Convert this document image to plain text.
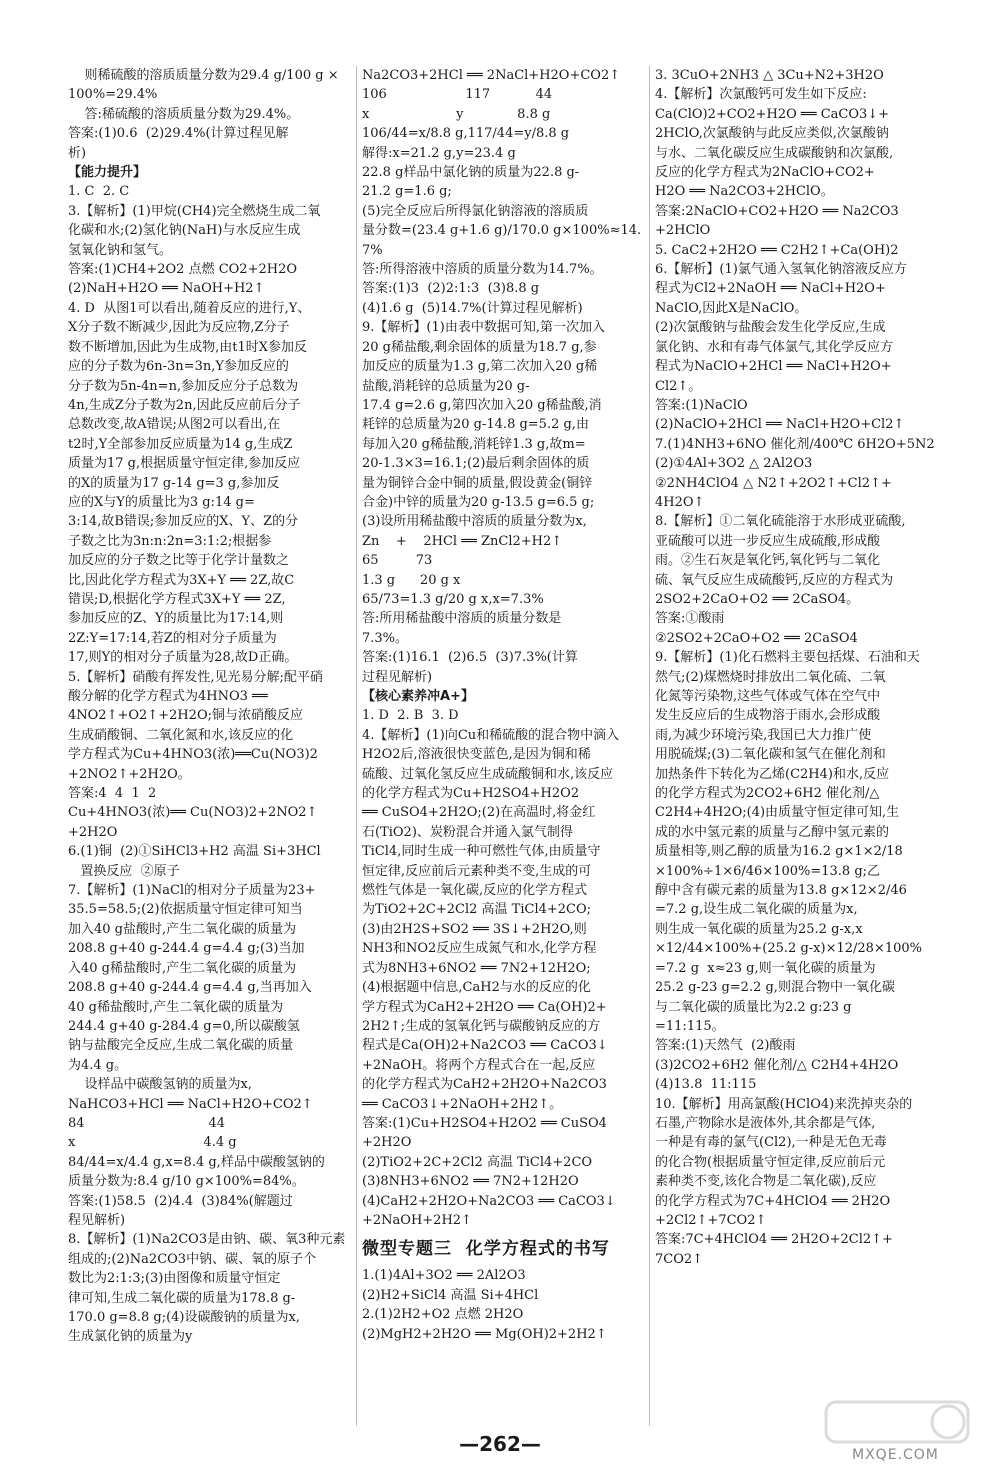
则稀硫酸的溶质质量分数为29.4 g/100 g ×
100%=29.4%
答:稀硫酸的溶质质量分数为29.4%。
答案:(1)0.6  (2)29.4%(计算过程见解
析)
【能力提升】
1. C  2. C
3.【解析】(1)甲烷(CH4)完全燃烧生成二氧
化碳和水;(2)氢化钠(NaH)与水反应生成
氢氧化钠和氢气。
答案:(1)CH4+2O2 点燃 CO2+2H2O
(2)NaH+H2O ══ NaOH+H2↑
4. D  从图1可以看出,随着反应的进行,Y、
X分子数不断减少,因此为反应物,Z分子
数不断增加,因此为生成物,由t1时X参加反
应的分子数为6n-3n=3n,Y参加反应的
分子数为5n-4n=n,参加反应分子总数为
4n,生成Z分子数为2n,因此反应前后分子
总数改变,故A错误;从图2可以看出,在
t2时,Y全部参加反应质量为14 g,生成Z
质量为17 g,根据质量守恒定律,参加反应
的X的质量为17 g-14 g=3 g,参加反
应的X与Y的质量比为3 g:14 g=
3:14,故B错误;参加反应的X、Y、Z的分
子数之比为3n:n:2n=3:1:2;根据参
加反应的分子数之比等于化学计量数之
比,因此化学方程式为3X+Y ══ 2Z,故C
错误;D,根据化学方程式3X+Y ══ 2Z,
参加反应的Z、Y的质量比为17:14,则
2Z:Y=17:14,若Z的相对分子质量为
17,则Y的相对分子质量为28,故D正确。
5.【解析】硝酸有挥发性,见光易分解;配平硝
酸分解的化学方程式为4HNO3 ══
4NO2↑+O2↑+2H2O;铜与浓硝酸反应
生成硝酸铜、二氧化氮和水,该反应的化
学方程式为Cu+4HNO3(浓)══Cu(NO3)2
+2NO2↑+2H2O。
答案:4  4  1  2
Cu+4HNO3(浓)══ Cu(NO3)2+2NO2↑
+2H2O
6.(1)铜  (2)①SiHCl3+H2 高温 Si+3HCl
置换反应  ②原子
7.【解析】(1)NaCl的相对分子质量为23+
35.5=58.5;(2)依据质量守恒定律可知当
加入40 g盐酸时,产生二氧化碳的质量为
208.8 g+40 g-244.4 g=4.4 g;(3)当加
入40 g稀盐酸时,产生二氧化碳的质量为
208.8 g+40 g-244.4 g=4.4 g,当再加入
40 g稀盐酸时,产生二氧化碳的质量为
244.4 g+40 g-284.4 g=0,所以碳酸氢
钠与盐酸完全反应,生成二氧化碳的质量
为4.4 g。
设样品中碳酸氢钠的质量为x,
NaHCO3+HCl ══ NaCl+H2O+CO2↑
84                              44
x                               4.4 g
84/44=x/4.4 g,x=8.4 g,样品中碳酸氢钠的
质量分数为:8.4 g/10 g×100%=84%。
答案:(1)58.5  (2)4.4  (3)84%(解题过
程见解析)
8.【解析】(1)Na2CO3是由钠、碳、氧3种元素
组成的;(2)Na2CO3中钠、碳、氧的原子个
数比为2:1:3;(3)由图像和质量守恒定
律可知,生成二氧化碳的质量为178.8 g-
170.0 g=8.8 g;(4)设碳酸钠的质量为x,
生成氯化钠的质量为y
Na2CO3+2HCl ══ 2NaCl+H2O+CO2↑
106                   117           44
x                     y             8.8 g
106/44=x/8.8 g,117/44=y/8.8 g
解得:x=21.2 g,y=23.4 g
22.8 g样品中氯化钠的质量为22.8 g-
21.2 g=1.6 g;
(5)完全反应后所得氯化钠溶液的溶质质
量分数=(23.4 g+1.6 g)/170.0 g×100%≈14.7%
答:所得溶液中溶质的质量分数为14.7%。
答案:(1)3  (2)2:1:3  (3)8.8 g
(4)1.6 g  (5)14.7%(计算过程见解析)
9.【解析】(1)由表中数据可知,第一次加入
20 g稀盐酸,剩余固体的质量为18.7 g,参
加反应的质量为1.3 g,第二次加入20 g稀
盐酸,消耗锌的总质量为20 g-
17.4 g=2.6 g,第四次加入20 g稀盐酸,消
耗锌的总质量为20 g-14.8 g=5.2 g,由
每加入20 g稀盐酸,消耗锌1.3 g,故m=
20-1.3×3=16.1;(2)最后剩余固体的质
量为铜锌合金中铜的质量,假设黄金(铜锌
合金)中锌的质量为20 g-13.5 g=6.5 g;
(3)设所用稀盐酸中溶质的质量分数为x,
Zn    +    2HCl ══ ZnCl2+H2↑
65         73
1.3 g      20 g x
65/73=1.3 g/20 g x,x=7.3%
答:所用稀盐酸中溶质的质量分数是
7.3%。
答案:(1)16.1  (2)6.5  (3)7.3%(计算
过程见解析)
【核心素养冲A+】
1. D  2. B  3. D
4.【解析】(1)向Cu和稀硫酸的混合物中滴入
H2O2后,溶液很快变蓝色,是因为铜和稀
硫酸、过氧化氢反应生成硫酸铜和水,该反应
的化学方程式为Cu+H2SO4+H2O2
══ CuSO4+2H2O;(2)在高温时,将金红
石(TiO2)、炭粉混合并通入氯气制得
TiCl4,同时生成一种可燃性气体,由质量守
恒定律,反应前后元素种类不变,生成的可
燃性气体是一氧化碳,反应的化学方程式
为TiO2+2C+2Cl2 高温 TiCl4+2CO;
(3)由2H2S+SO2 ══ 3S↓+2H2O,则
NH3和NO2反应生成氮气和水,化学方程
式为8NH3+6NO2 ══ 7N2+12H2O;
(4)根据题中信息,CaH2与水的反应的化
学方程式为CaH2+2H2O ══ Ca(OH)2+
2H2↑;生成的氢氧化钙与碳酸钠反应的方
程式是Ca(OH)2+Na2CO3 ══ CaCO3↓
+2NaOH。将两个方程式合在一起,反应
的化学方程式为CaH2+2H2O+Na2CO3
══ CaCO3↓+2NaOH+2H2↑。
答案:(1)Cu+H2SO4+H2O2 ══ CuSO4
+2H2O
(2)TiO2+2C+2Cl2 高温 TiCl4+2CO
(3)8NH3+6NO2 ══ 7N2+12H2O
(4)CaH2+2H2O+Na2CO3 ══ CaCO3↓
+2NaOH+2H2↑
微型专题三  化学方程式的书写
1.(1)4Al+3O2 ══ 2Al2O3
(2)H2+SiCl4 高温 Si+4HCl
2.(1)2H2+O2 点燃 2H2O
(2)MgH2+2H2O ══ Mg(OH)2+2H2↑
3. 3CuO+2NH3 △ 3Cu+N2+3H2O
4.【解析】次氯酸钙可发生如下反应:
Ca(ClO)2+CO2+H2O ══ CaCO3↓+
2HClO,次氯酸钠与此反应类似,次氯酸钠
与水、二氧化碳反应生成碳酸钠和次氯酸,
反应的化学方程式为2NaClO+CO2+
H2O ══ Na2CO3+2HClO。
答案:2NaClO+CO2+H2O ══ Na2CO3
+2HClO
5. CaC2+2H2O ══ C2H2↑+Ca(OH)2
6.【解析】(1)氯气通入氢氧化钠溶液反应方
程式为Cl2+2NaOH ══ NaCl+H2O+
NaClO,因此X是NaClO。
(2)次氯酸钠与盐酸会发生化学反应,生成
氯化钠、水和有毒气体氯气,其化学反应方
程式为NaClO+2HCl ══ NaCl+H2O+
Cl2↑。
答案:(1)NaClO
(2)NaClO+2HCl ══ NaCl+H2O+Cl2↑
7.(1)4NH3+6NO 催化剂/400℃ 6H2O+5N2
(2)①4Al+3O2 △ 2Al2O3
②2NH4ClO4 △ N2↑+2O2↑+Cl2↑+
4H2O↑
8.【解析】①二氧化硫能溶于水形成亚硫酸,
亚硫酸可以进一步反应生成硫酸,形成酸
雨。②生石灰是氧化钙,氧化钙与二氧化
硫、氧气反应生成硫酸钙,反应的方程式为
2SO2+2CaO+O2 ══ 2CaSO4。
答案:①酸雨
②2SO2+2CaO+O2 ══ 2CaSO4
9.【解析】(1)化石燃料主要包括煤、石油和天
然气;(2)煤燃烧时排放出二氧化硫、二氧
化氮等污染物,这些气体或气体在空气中
发生反应后的生成物溶于雨水,会形成酸
雨,为减少环境污染,我国已大力推广使
用脱硫煤;(3)二氧化碳和氢气在催化剂和
加热条件下转化为乙烯(C2H4)和水,反应
的化学方程式为2CO2+6H2 催化剂/△
C2H4+4H2O;(4)由质量守恒定律可知,生
成的水中氢元素的质量与乙醇中氢元素的
质量相等,则乙醇的质量为16.2 g×1×2/18
×100%÷1×6/46×100%=13.8 g;乙
醇中含有碳元素的质量为13.8 g×12×2/46
=7.2 g,设生成二氧化碳的质量为x,
则生成一氧化碳的质量为25.2 g-x,x
×12/44×100%+(25.2 g-x)×12/28×100%
=7.2 g  x≈23 g,则一氧化碳的质量为
25.2 g-23 g=2.2 g,则混合物中一氧化碳
与二氧化碳的质量比为2.2 g:23 g
=11:115。
答案:(1)天然气  (2)酸雨
(3)2CO2+6H2 催化剂/△ C2H4+4H2O
(4)13.8  11:115
10.【解析】用高氯酸(HClO4)来洗掉夹杂的
石墨,产物除水是液体外,其余都是气体,
一种是有毒的氯气(Cl2),一种是无色无毒
的化合物(根据质量守恒定律,反应前后元
素种类不变,该化合物是二氧化碳),反应
的化学方程式为7C+4HClO4 ══ 2H2O
+2Cl2↑+7CO2↑
答案:7C+4HClO4 ══ 2H2O+2Cl2↑+
7CO2↑
—262—	MXQE.COM
